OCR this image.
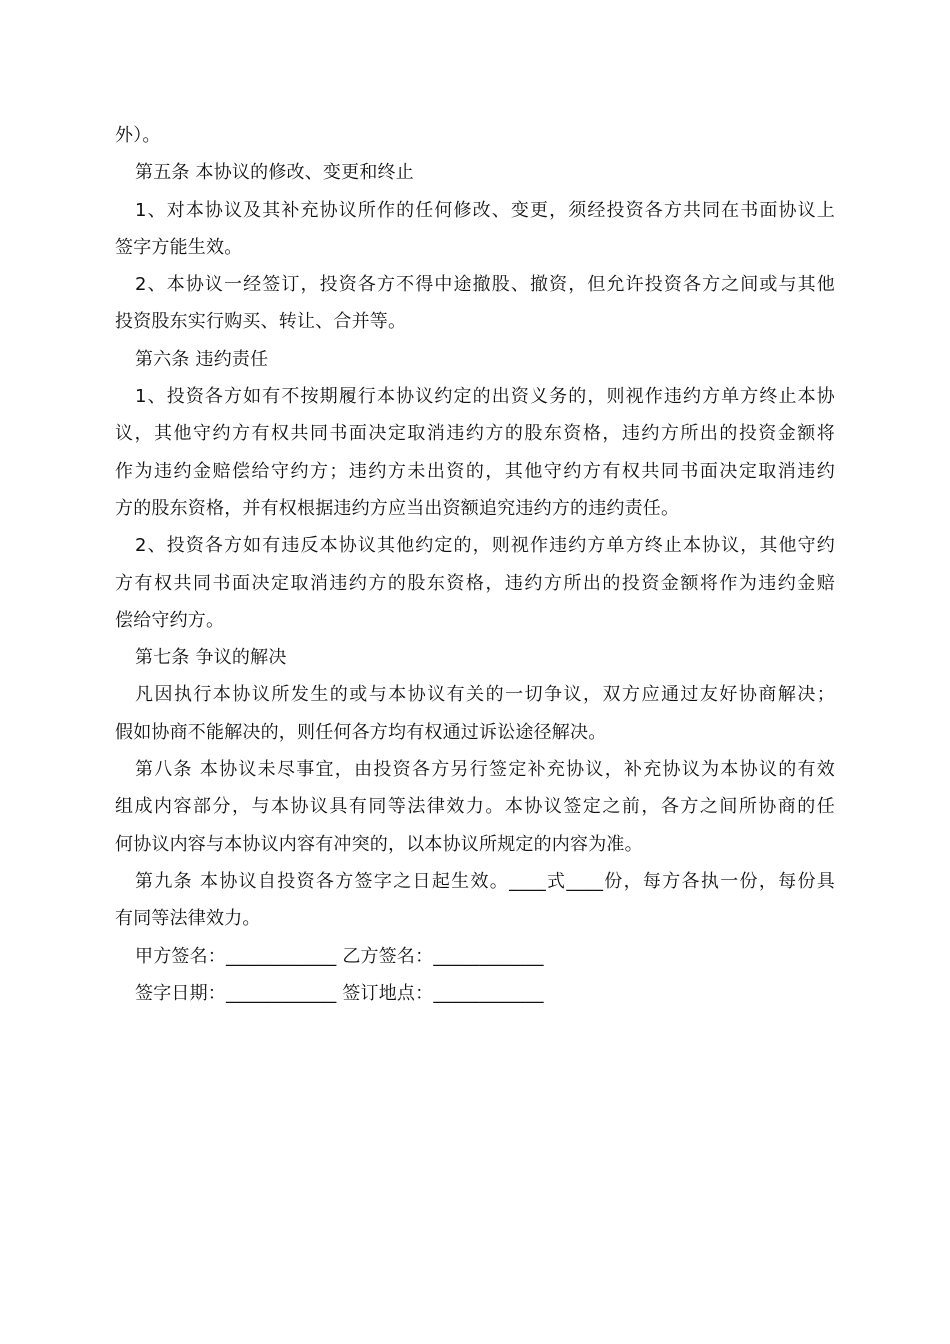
外）。
第五条 本协议的修改、变更和终止
1、对本协议及其补充协议所作的任何修改、变更，须经投资各方共同在书面协议上
签字方能生效。
2、本协议一经签订，投资各方不得中途撤股、撤资，但允许投资各方之间或与其他
投资股东实行购买、转让、合并等。
第六条 违约责任
1、投资各方如有不按期履行本协议约定的出资义务的，则视作违约方单方终止本协
议，其他守约方有权共同书面决定取消违约方的股东资格，违约方所出的投资金额将
作为违约金赔偿给守约方；违约方未出资的，其他守约方有权共同书面决定取消违约
方的股东资格，并有权根据违约方应当出资额追究违约方的违约责任。
2、投资各方如有违反本协议其他约定的，则视作违约方单方终止本协议，其他守约
方有权共同书面决定取消违约方的股东资格，违约方所出的投资金额将作为违约金赔
偿给守约方。
第七条 争议的解决
凡因执行本协议所发生的或与本协议有关的一切争议，双方应通过友好协商解决；
假如协商不能解决的，则任何各方均有权通过诉讼途径解决。
第八条 本协议未尽事宜，由投资各方另行签定补充协议，补充协议为本协议的有效
组成内容部分，与本协议具有同等法律效力。本协议签定之前，各方之间所协商的任
何协议内容与本协议内容有冲突的，以本协议所规定的内容为准。
第九条 本协议自投资各方签字之日起生效。____式____份，每方各执一份，每份具
有同等法律效力。
甲方签名：____________ 乙方签名：____________
签字日期：____________ 签订地点：____________
